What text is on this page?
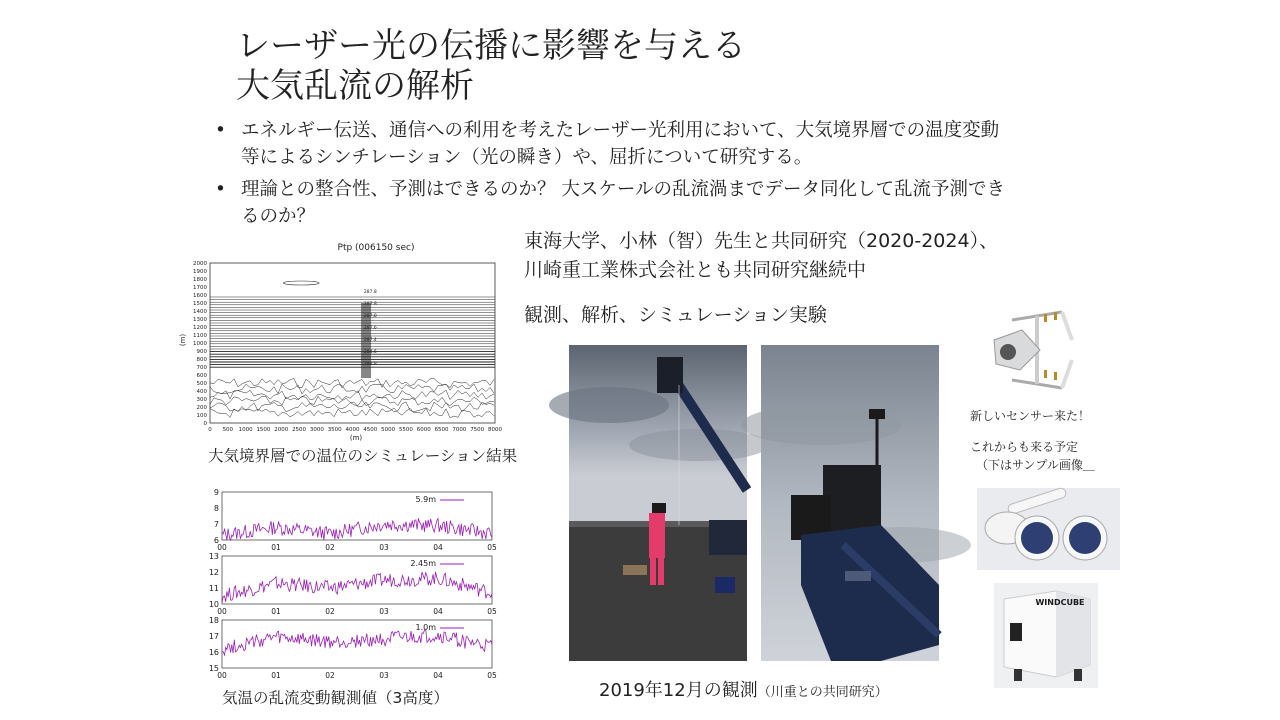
レーザー光の伝播に影響を与える
大気乱流の解析
• エネルギー伝送、通信への利用を考えたレーザー光利用において、大気境界層での温度変動等によるシンチレーション（光の瞬き）や、屈折について研究する。
• 理論との整合性、予測はできるのか？ 大スケールの乱流渦までデータ同化して乱流予測できるのか？
東海大学、小林（智）先生と共同研究（2020-2024）、
川崎重工業株式会社とも共同研究継続中
観測、解析、シミュレーション実験
Ptp (006150 sec)
0
100
200
300
400
500
600
700
800
900
1000
1100
1200
1300
1400
1500
1600
1700
1800
1900
2000
0 500 1000 1500 2000 2500 3000 3500 4000 4500 5000 5500 6000 6500 7000 7500 8000
287.8
287.8
287.8
287.6
287.4
284.6
284.8
(m)
(m)
大気境界層での温位のシミュレーション結果
6
7
8
9
00	01	02	03	04	05
5.9m
10
11
12
13
00	01	02	03	04	05
2.45m
15
16
17
18
00	01	02	03	04	05
1.0m
気温の乱流変動観測値（3高度）	2019年12月の観測（川重との共同研究）
新しいセンサー来た！
これからも来る予定
（下はサンプル画像＿
WINDCUBE
